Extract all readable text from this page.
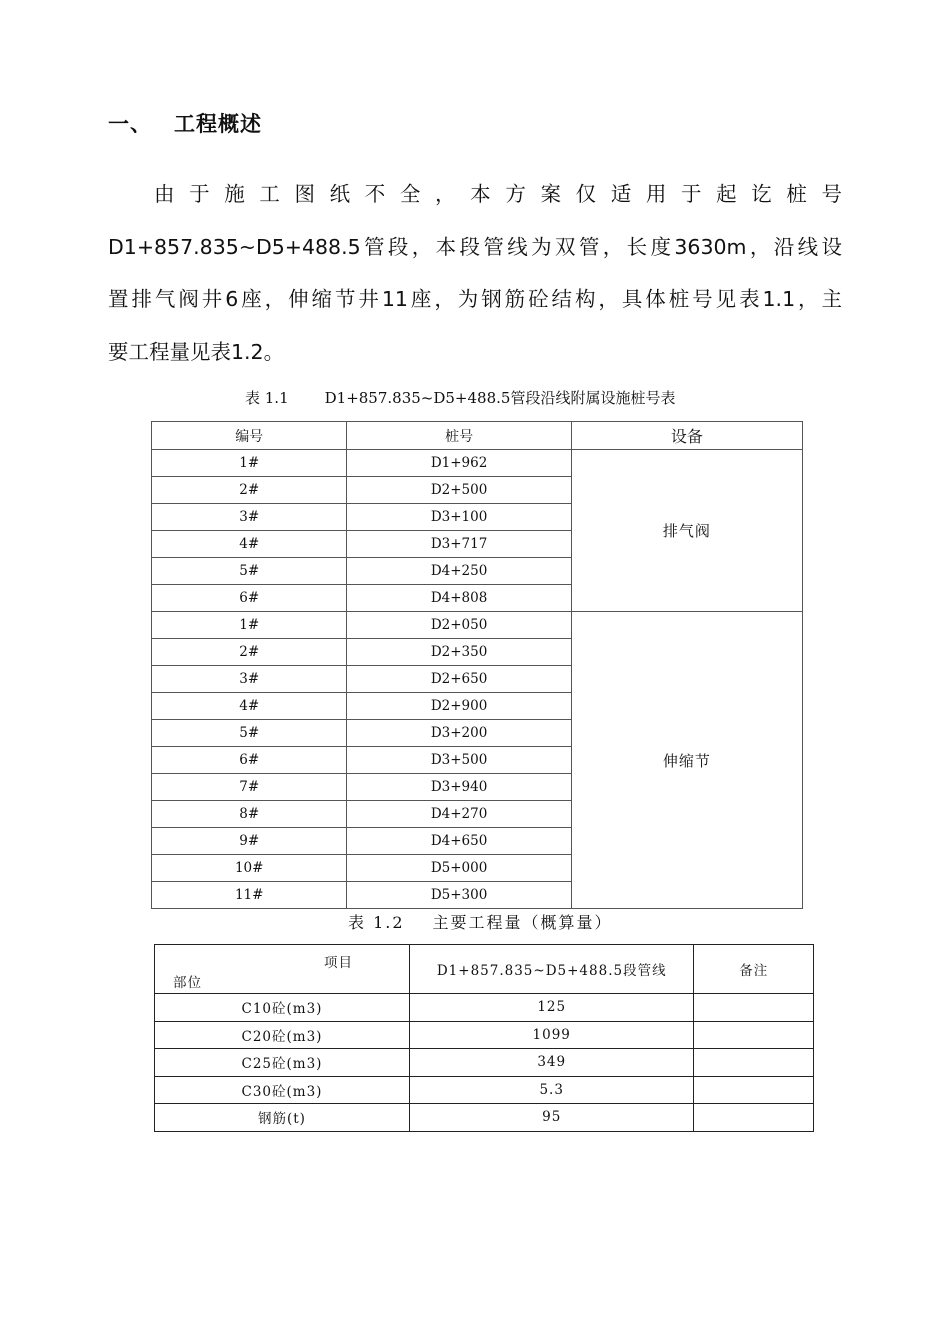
一、 工程概述
由于施工图纸不全，本方案仅适用于起讫桩号
D1+857.835~D5+488.5管段，本段管线为双管，长度3630m，沿线设
置排气阀井6座，伸缩节井11座，为钢筋砼结构，具体桩号见表1.1，主
要工程量见表1.2。
表 1.1 D1+857.835~D5+488.5管段沿线附属设施桩号表
编号	桩号	设备
1#	D1+962	排气阀
2#	D2+500	
3#	D3+100	
4#	D3+717	
5#	D4+250	
6#	D4+808	
1#	D2+050	伸缩节
2#	D2+350	
3#	D2+650	
4#	D2+900	
5#	D3+200	
6#	D3+500	
7#	D3+940	
8#	D4+270	
9#	D4+650	
10#	D5+000	
11#	D5+300	
表 1.2 主要工程量（概算量）
项目
部位	D1+857.835~D5+488.5段管线	备注
C10砼(m3)	125	
C20砼(m3)	1099	
C25砼(m3)	349	
C30砼(m3)	5.3	
钢筋(t)	95	
